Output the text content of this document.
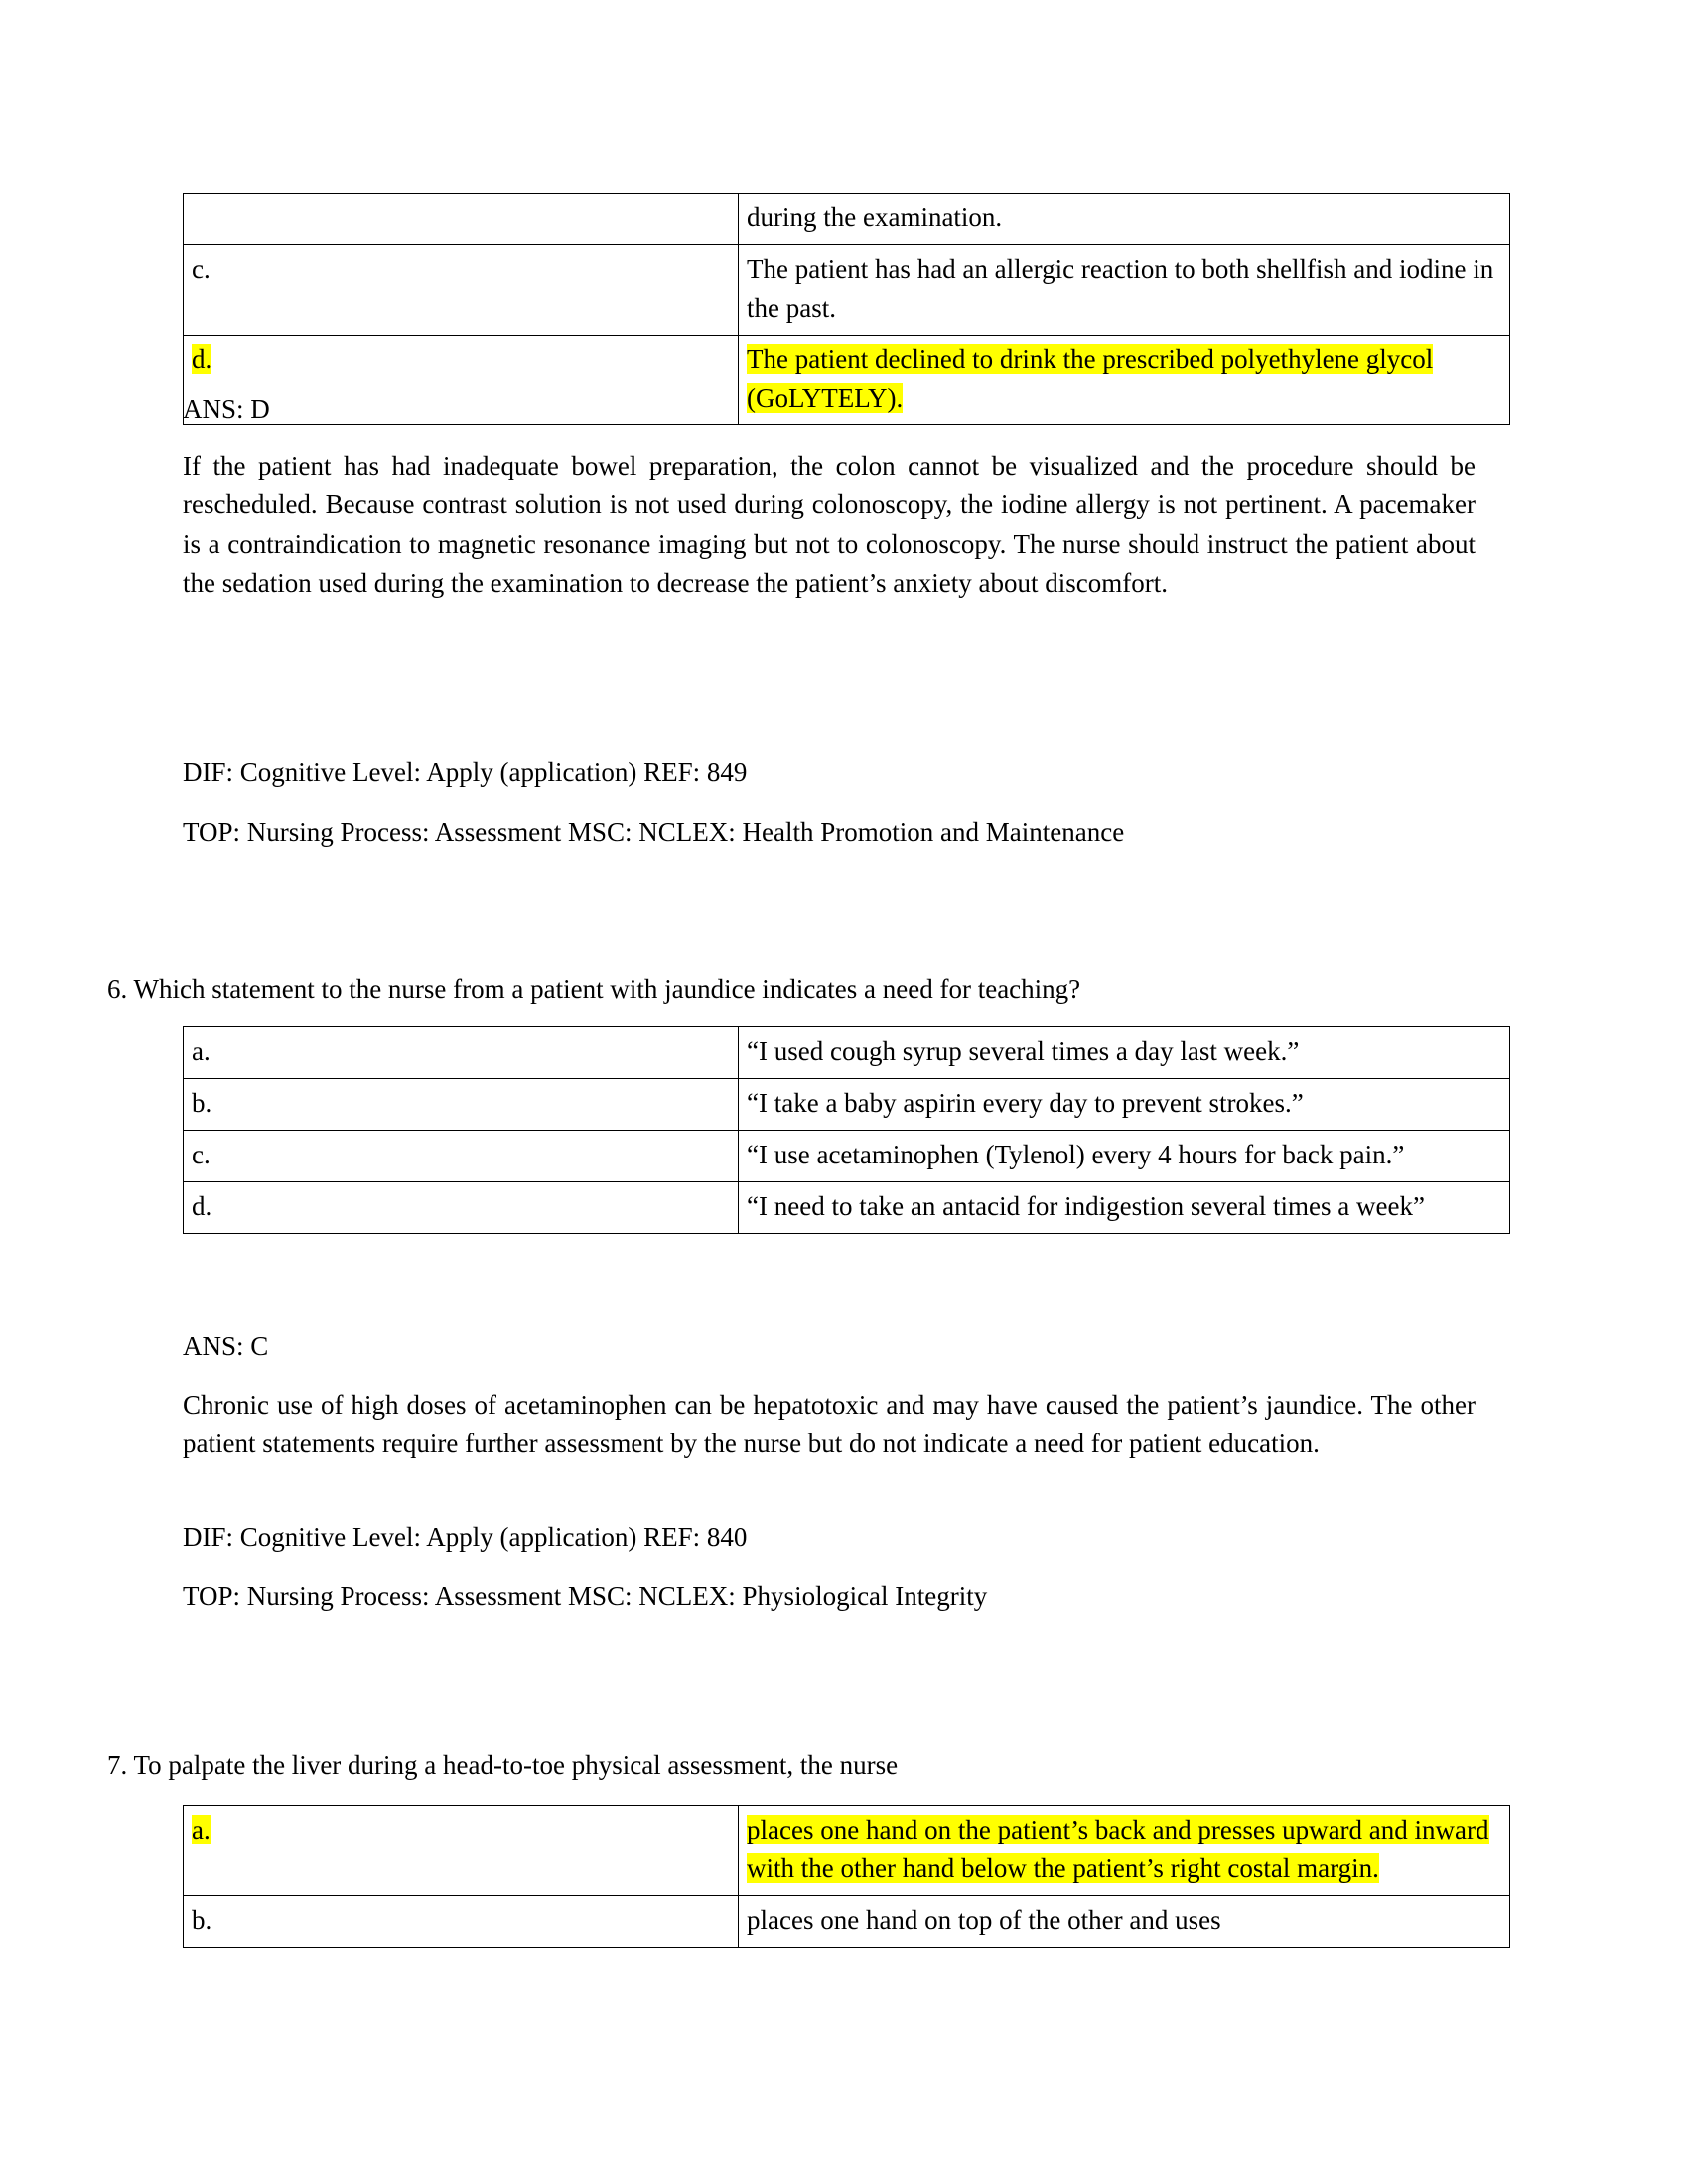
	during the examination.
c.	The patient has had an allergic reaction to both shellfish and iodine in the past.
d.	The patient declined to drink the prescribed polyethylene glycol (GoLYTELY).
ANS: D
If the patient has had inadequate bowel preparation, the colon cannot be visualized and the procedure should be rescheduled. Because contrast solution is not used during colonoscopy, the iodine allergy is not pertinent. A pacemaker is a contraindication to magnetic resonance imaging but not to colonoscopy. The nurse should instruct the patient about the sedation used during the examination to decrease the patient’s anxiety about discomfort.
DIF: Cognitive Level: Apply (application) REF: 849
TOP: Nursing Process: Assessment MSC: NCLEX: Health Promotion and Maintenance
6. Which statement to the nurse from a patient with jaundice indicates a need for teaching?
a.	“I used cough syrup several times a day last week.”
b.	“I take a baby aspirin every day to prevent strokes.”
c.	“I use acetaminophen (Tylenol) every 4 hours for back pain.”
d.	“I need to take an antacid for indigestion several times a week”
ANS: C
Chronic use of high doses of acetaminophen can be hepatotoxic and may have caused the patient’s jaundice. The other patient statements require further assessment by the nurse but do not indicate a need for patient education.
DIF: Cognitive Level: Apply (application) REF: 840
TOP: Nursing Process: Assessment MSC: NCLEX: Physiological Integrity
7. To palpate the liver during a head-to-toe physical assessment, the nurse
a.	places one hand on the patient’s back and presses upward and inward with the other hand below the patient’s right costal margin.
b.	places one hand on top of the other and uses
